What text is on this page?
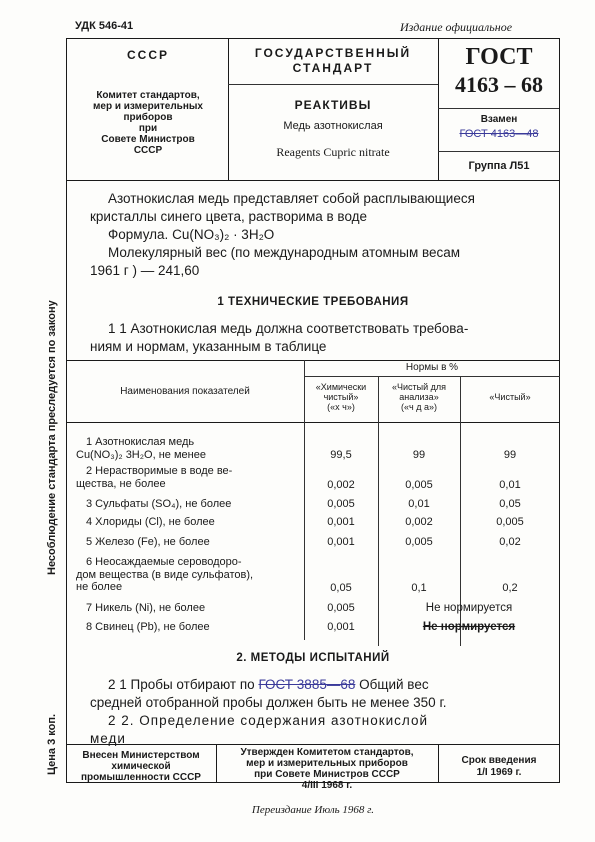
УДК 546-41	Издание официальное
СССР
Комитет стандартов,
мер и измерительных
приборов
при
Совете Министров
СССР
ГОСУДАРСТВЕННЫЙ
СТАНДАРТ
РЕАКТИВЫ
Медь азотнокислая
Reagents Cupric nitrate
ГОСТ
4163 – 68
Взамен
ГОСТ 4163—48
Группа Л51
Несоблюдение стандарта преследуется по закону
Цена 3 коп.
Азотнокислая медь представляет собой расплывающиеся
кристаллы синего цвета, растворима в воде
Формула. Cu(NO₃)₂ · 3H₂O
Молекулярный вес (по международным атомным весам
1961 г ) — 241,60
1 ТЕХНИЧЕСКИЕ ТРЕБОВАНИЯ
1 1 Азотнокислая медь должна соответствовать требова-
ниям и нормам, указанным в таблице
Наименования показателей
Нормы в %
«Химически
чистый»
(«х ч»)
«Чистый для
анализа»
(«ч д а»)
«Чистый»
1 Азотнокислая медь
Cu(NO₃)₂ 3H₂O, не менее	99,5	99	99
2 Нерастворимые в воде ве-
щества, не более	0,002	0,005	0,01
3 Сульфаты (SO₄), не более	0,005	0,01	0,05
4 Хлориды (Cl), не более	0,001	0,002	0,005
5 Железо (Fe), не более	0,001	0,005	0,02
6 Неосаждаемые сероводоро-
дом вещества (в виде сульфатов),
не более	0,05	0,1	0,2
7 Никель (Ni), не более	0,005	Не нормируется
8 Свинец (Pb), не более	0,001	Не нормируется
2. МЕТОДЫ ИСПЫТАНИЙ
2 1 Пробы отбирают по ГОСТ 3885—68 Общий вес
средней отобранной пробы должен быть не менее 350 г.
2 2. Определение содержания азотнокислой
меди
Внесен Министерством
химической
промышленности СССР
Утвержден Комитетом стандартов,
мер и измерительных приборов
при Совете Министров СССР
4/III 1968 г.
Срок введения
1/I 1969 г.
Переиздание Июль 1968 г.
